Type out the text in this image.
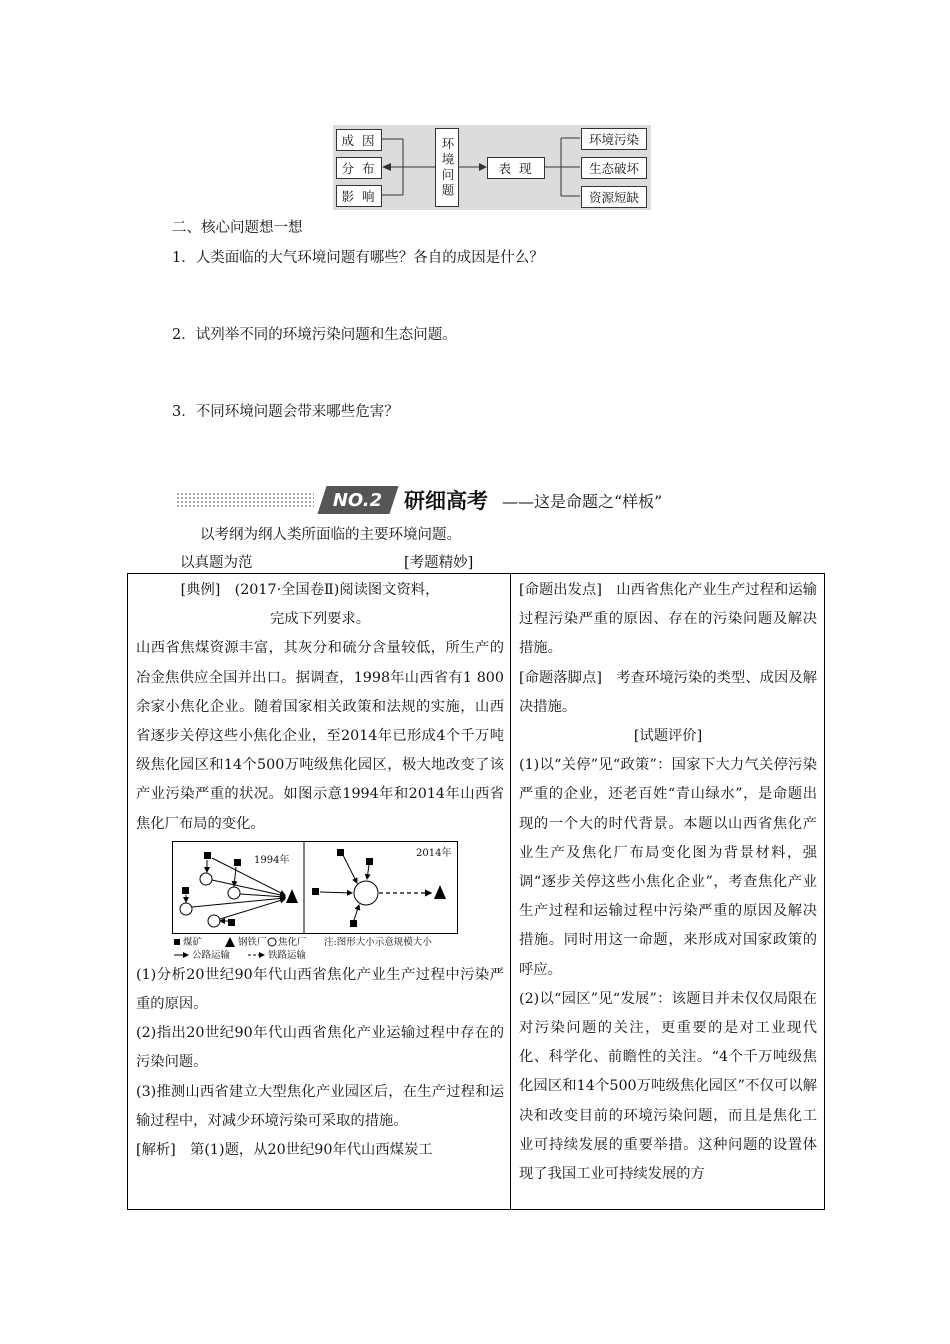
成 因
分 布
影 响	环境问题	表 现
环境污染
生态破坏
资源短缺
二、核心问题想一想
1．人类面临的大气环境问题有哪些？各自的成因是什么？
2．试列举不同的环境污染问题和生态问题。
3．不同环境问题会带来哪些危害？
NO.2 研细高考 ——这是命题之“样板”
以考纲为纲人类所面临的主要环境问题。
以真题为范	[考题精妙]

[典例]　(2017·全国卷Ⅱ)阅读图文资料，

完成下列要求。

山西省焦煤资源丰富，其灰分和硫分含量较低，所生产的冶金焦供应全国并出口。据调查，1998年山西省有1 800余家小焦化企业。随着国家相关政策和法规的实施，山西省逐步关停这些小焦化企业，至2014年已形成4个千万吨级焦化园区和14个500万吨级焦化园区，极大地改变了该产业污染严重的状况。如图示意1994年和2014年山西省焦化厂布局的变化。

1994年
2014年
煤矿	钢铁厂 焦化厂 注:图形大小示意规模大小
公路运输	铁路运输

(1)分析20世纪90年代山西省焦化产业生产过程中污染严重的原因。

(2)指出20世纪90年代山西省焦化产业运输过程中存在的污染问题。

(3)推测山西省建立大型焦化产业园区后，在生产过程和运输过程中，对减少环境污染可采取的措施。

[解析]　第(1)题，从20世纪90年代山西煤炭工

[命题出发点]　山西省焦化产业生产过程和运输过程污染严重的原因、存在的污染问题及解决措施。

[命题落脚点]　考查环境污染的类型、成因及解决措施。

[试题评价]

(1)以“关停”见“政策”：国家下大力气关停污染严重的企业，还老百姓“青山绿水”，是命题出现的一个大的时代背景。本题以山西省焦化产业生产及焦化厂布局变化图为背景材料，强调“逐步关停这些小焦化企业”，考查焦化产业生产过程和运输过程中污染严重的原因及解决措施。同时用这一命题，来形成对国家政策的呼应。

(2)以“园区”见“发展”：该题目并未仅仅局限在对污染问题的关注，更重要的是对工业现代化、科学化、前瞻性的关注。“4个千万吨级焦化园区和14个500万吨级焦化园区”不仅可以解决和改变目前的环境污染问题，而且是焦化工业可持续发展的重要举措。这种问题的设置体现了我国工业可持续发展的方
